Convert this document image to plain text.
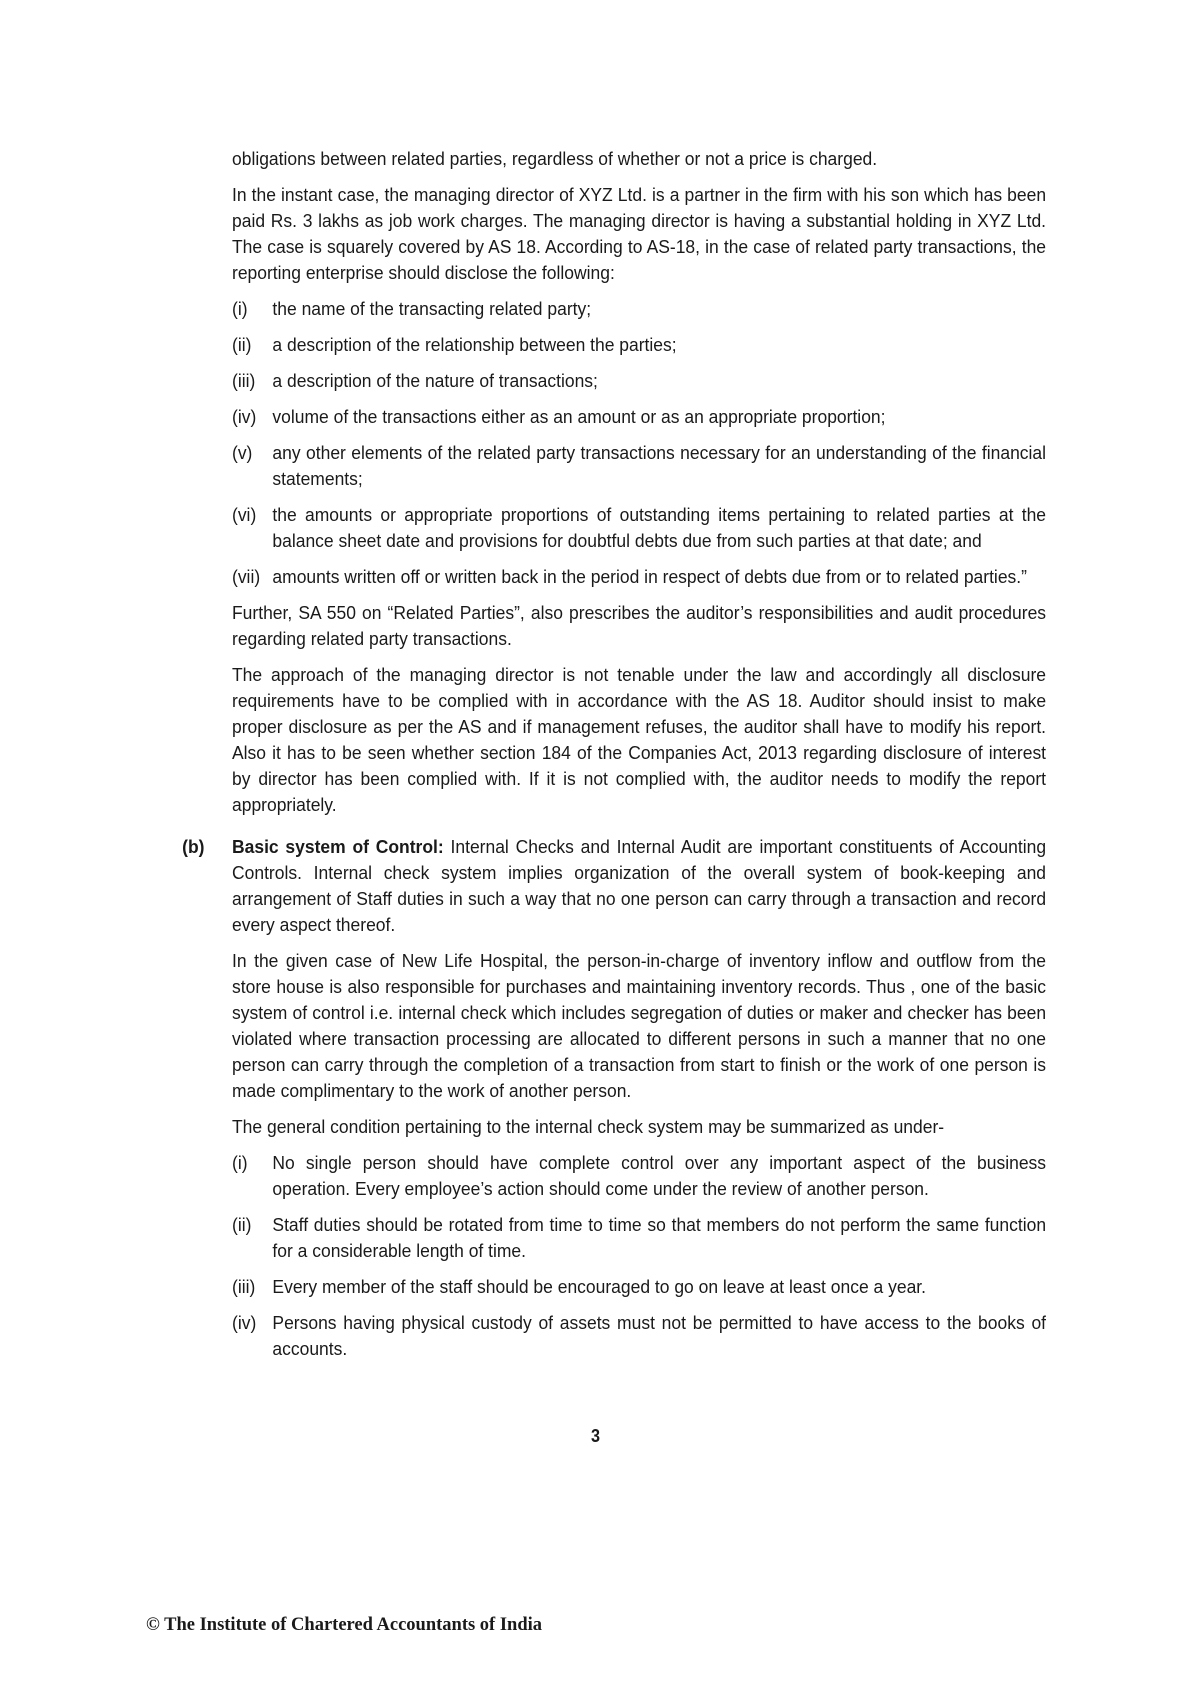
obligations between related parties, regardless of whether or not a price is charged.

In the instant case, the managing director of XYZ Ltd. is a partner in the firm with his son which has been paid Rs. 3 lakhs as job work charges. The managing director is having a substantial holding in XYZ Ltd. The case is squarely covered by AS 18. According to AS-18, in the case of related party transactions, the reporting enterprise should disclose the following:

(i) the name of the transacting related party;
(ii) a description of the relationship between the parties;
(iii) a description of the nature of transactions;
(iv) volume of the transactions either as an amount or as an appropriate proportion;
(v) any other elements of the related party transactions necessary for an understanding of the financial statements;
(vi) the amounts or appropriate proportions of outstanding items pertaining to related parties at the balance sheet date and provisions for doubtful debts due from such parties at that date; and
(vii) amounts written off or written back in the period in respect of debts due from or to related parties.”

Further, SA 550 on “Related Parties”, also prescribes the auditor’s responsibilities and audit procedures regarding related party transactions.

The approach of the managing director is not tenable under the law and accordingly all disclosure requirements have to be complied with in accordance with the AS 18. Auditor should insist to make proper disclosure as per the AS and if management refuses, the auditor shall have to modify his report. Also it has to be seen whether section 184 of the Companies Act, 2013 regarding disclosure of interest by director has been complied with. If it is not complied with, the auditor needs to modify the report appropriately.

(b) Basic system of Control: Internal Checks and Internal Audit are important constituents of Accounting Controls. Internal check system implies organization of the overall system of book-keeping and arrangement of Staff duties in such a way that no one person can carry through a transaction and record every aspect thereof.

In the given case of New Life Hospital, the person-in-charge of inventory inflow and outflow from the store house is also responsible for purchases and maintaining inventory records. Thus , one of the basic system of control i.e. internal check which includes segregation of duties or maker and checker has been violated where transaction processing are allocated to different persons in such a manner that no one person can carry through the completion of a transaction from start to finish or the work of one person is made complimentary to the work of another person.

The general condition pertaining to the internal check system may be summarized as under-

(i) No single person should have complete control over any important aspect of the business operation. Every employee’s action should come under the review of another person.
(ii) Staff duties should be rotated from time to time so that members do not perform the same function for a considerable length of time.
(iii) Every member of the staff should be encouraged to go on leave at least once a year.
(iv) Persons having physical custody of assets must not be permitted to have access to the books of accounts.
3
© The Institute of Chartered Accountants of India
